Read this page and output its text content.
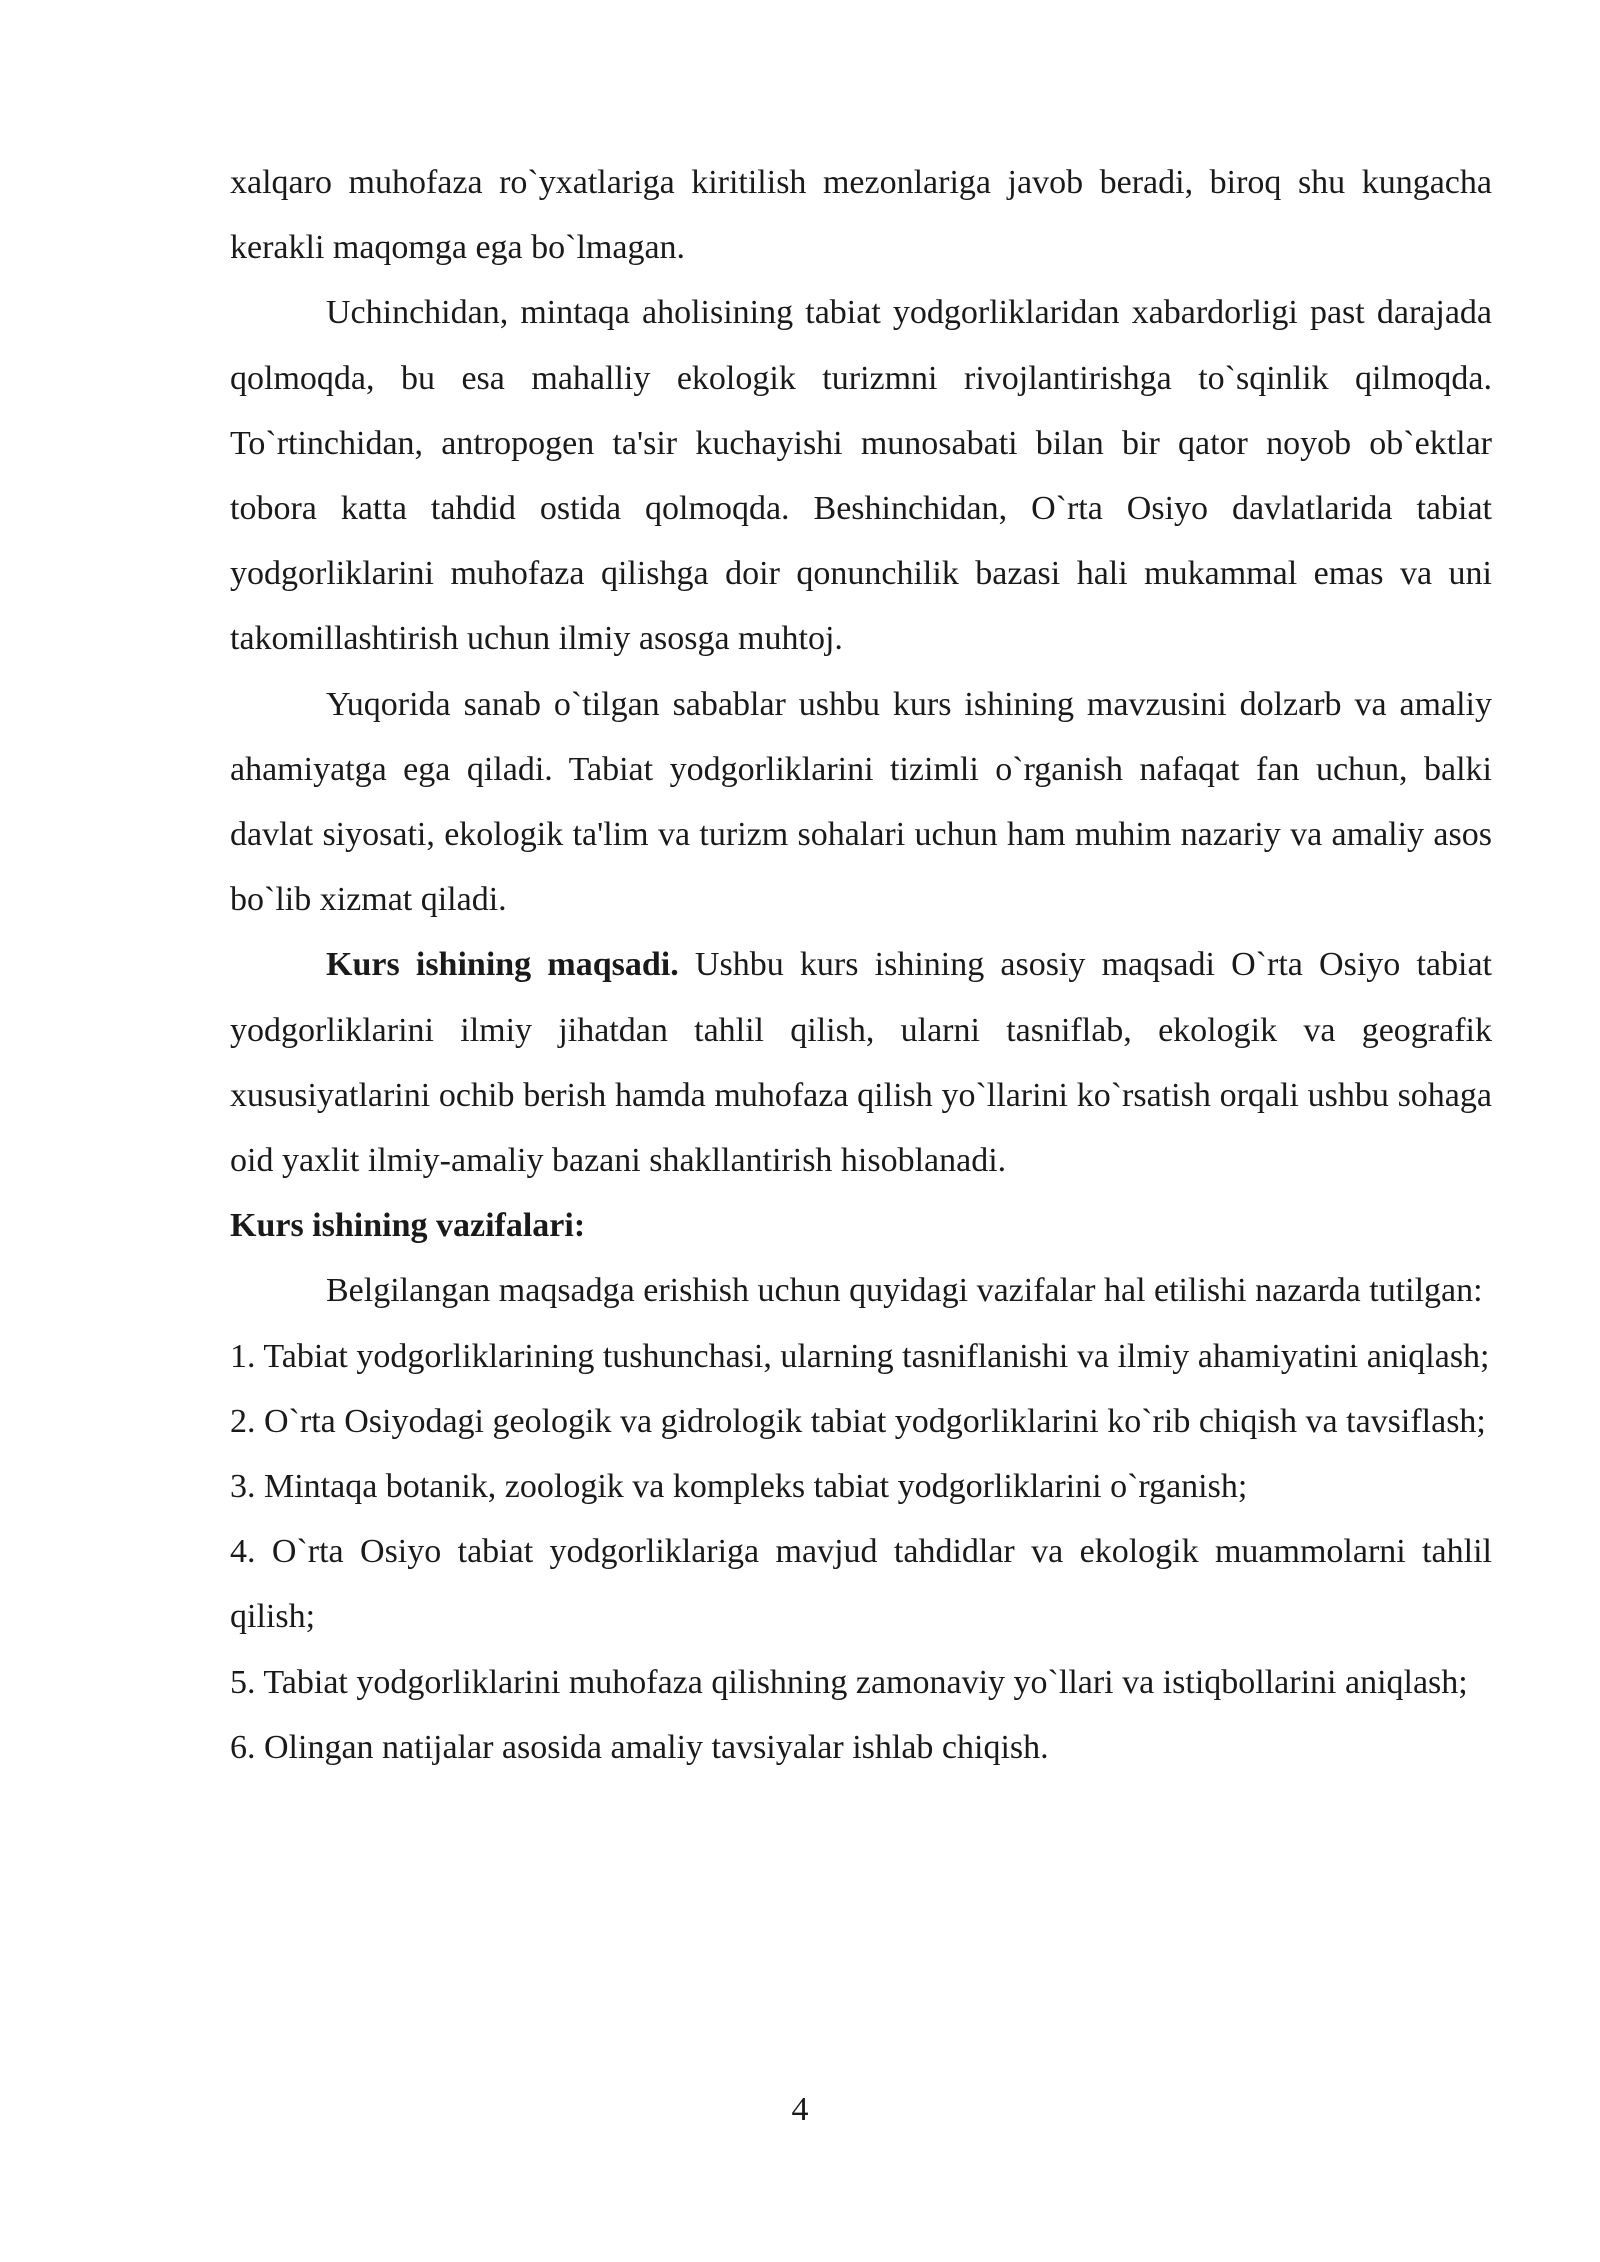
xalqaro muhofaza ro`yxatlariga kiritilish mezonlariga javob beradi, biroq shu kungacha kerakli maqomga ega bo`lmagan.

Uchinchidan, mintaqa aholisining tabiat yodgorliklaridan xabardorligi past darajada qolmoqda, bu esa mahalliy ekologik turizmni rivojlantirishga to`sqinlik qilmoqda. To`rtinchidan, antropogen ta'sir kuchayishi munosabati bilan bir qator noyob ob`ektlar tobora katta tahdid ostida qolmoqda. Beshinchidan, O`rta Osiyo davlatlarida tabiat yodgorliklarini muhofaza qilishga doir qonunchilik bazasi hali mukammal emas va uni takomillashtirish uchun ilmiy asosga muhtoj.

Yuqorida sanab o`tilgan sabablar ushbu kurs ishining mavzusini dolzarb va amaliy ahamiyatga ega qiladi. Tabiat yodgorliklarini tizimli o`rganish nafaqat fan uchun, balki davlat siyosati, ekologik ta'lim va turizm sohalari uchun ham muhim nazariy va amaliy asos bo`lib xizmat qiladi.

Kurs ishining maqsadi. Ushbu kurs ishining asosiy maqsadi O`rta Osiyo tabiat yodgorliklarini ilmiy jihatdan tahlil qilish, ularni tasniflab, ekologik va geografik xususiyatlarini ochib berish hamda muhofaza qilish yo`llarini ko`rsatish orqali ushbu sohaga oid yaxlit ilmiy-amaliy bazani shakllantirish hisoblanadi.

Kurs ishining vazifalari:

Belgilangan maqsadga erishish uchun quyidagi vazifalar hal etilishi nazarda tutilgan:

1. Tabiat yodgorliklarining tushunchasi, ularning tasniflanishi va ilmiy ahamiyatini aniqlash;

2. O`rta Osiyodagi geologik va gidrologik tabiat yodgorliklarini ko`rib chiqish va tavsiflash;

3. Mintaqa botanik, zoologik va kompleks tabiat yodgorliklarini o`rganish;

4. O`rta Osiyo tabiat yodgorliklariga mavjud tahdidlar va ekologik muammolarni tahlil qilish;

5. Tabiat yodgorliklarini muhofaza qilishning zamonaviy yo`llari va istiqbollarini aniqlash;

6. Olingan natijalar asosida amaliy tavsiyalar ishlab chiqish.

4
